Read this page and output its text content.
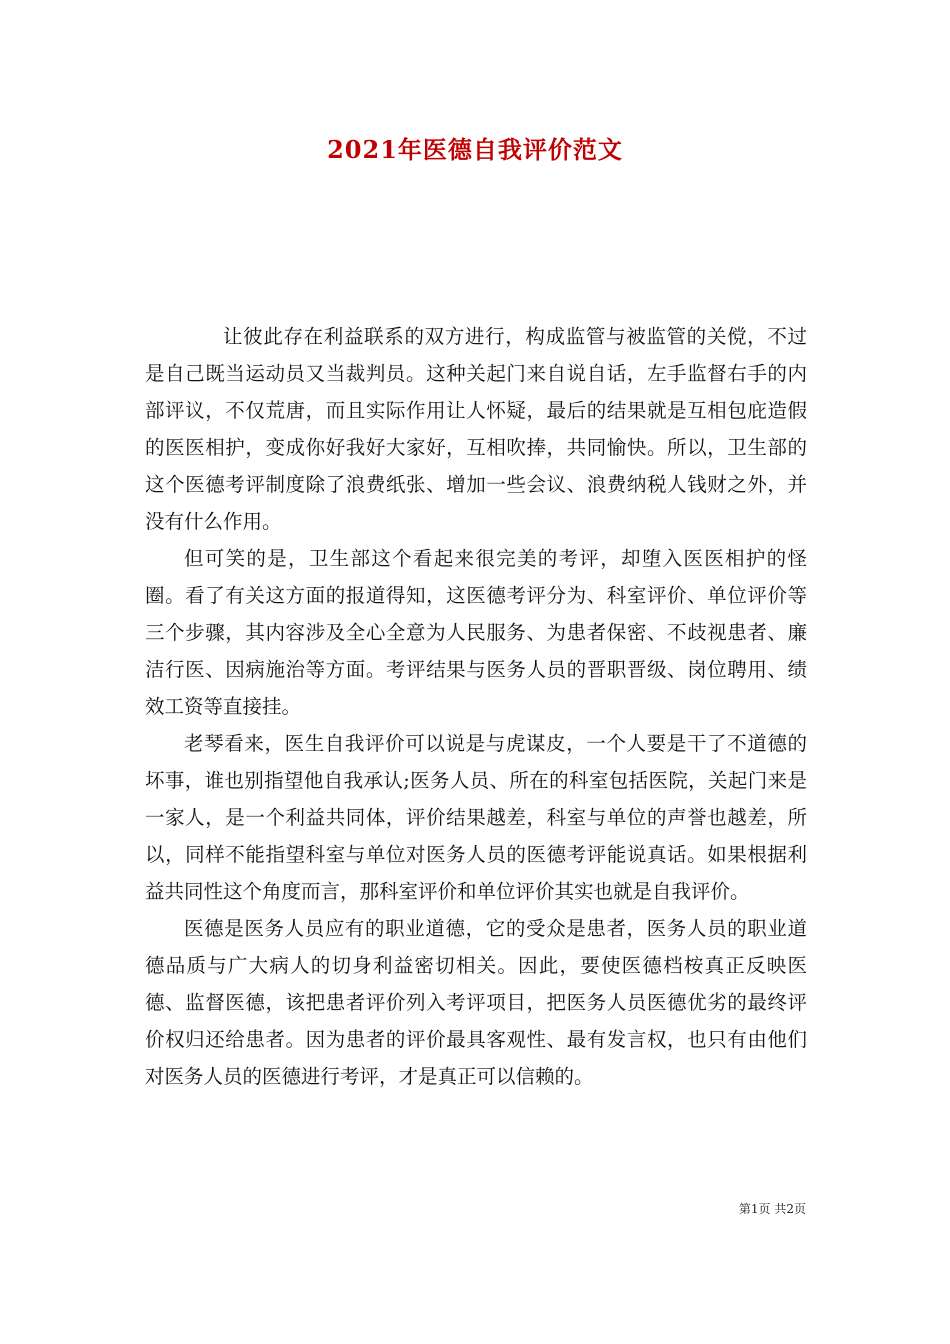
2021年医德自我评价范文

让彼此存在利益联系的双方进行，构成监管与被监管的关傥，不过是自己既当运动员又当裁判员。这种关起门来自说自话，左手监督右手的内部评议，不仅荒唐，而且实际作用让人怀疑，最后的结果就是互相包庇造假的医医相护，变成你好我好大家好，互相吹捧，共同愉快。所以，卫生部的这个医德考评制度除了浪费纸张、增加一些会议、浪费纳税人钱财之外，并没有什么作用。

但可笑的是，卫生部这个看起来很完美的考评，却堕入医医相护的怪圈。看了有关这方面的报道得知，这医德考评分为、科室评价、单位评价等三个步骤，其内容涉及全心全意为人民服务、为患者保密、不歧视患者、廉洁行医、因病施治等方面。考评结果与医务人员的晋职晋级、岗位聘用、绩效工资等直接挂。

老琴看来，医生自我评价可以说是与虎谋皮，一个人要是干了不道德的坏事，谁也别指望他自我承认;医务人员、所在的科室包括医院，关起门来是一家人，是一个利益共同体，评价结果越差，科室与单位的声誉也越差，所以，同样不能指望科室与单位对医务人员的医德考评能说真话。如果根据利益共同性这个角度而言，那科室评价和单位评价其实也就是自我评价。

医德是医务人员应有的职业道德，它的受众是患者，医务人员的职业道德品质与广大病人的切身利益密切相关。因此，要使医德档桉真正反映医德、监督医德，该把患者评价列入考评项目，把医务人员医德优劣的最终评价权归还给患者。因为患者的评价最具客观性、最有发言权，也只有由他们对医务人员的医德进行考评，才是真正可以信赖的。

第1页 共2页
